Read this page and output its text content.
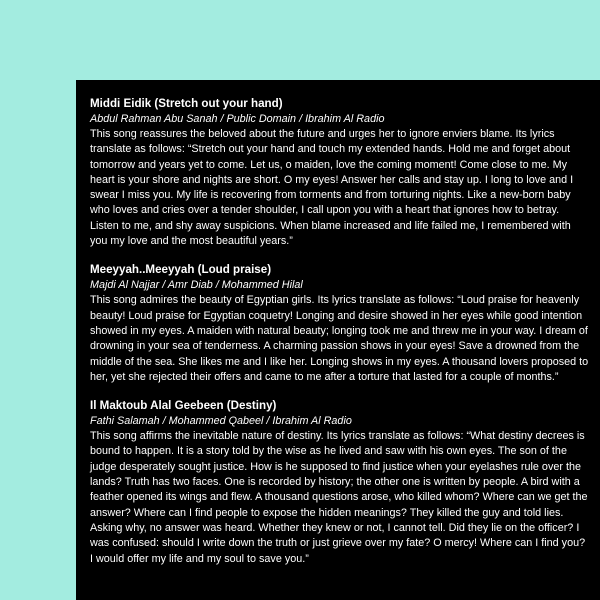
Middi Eidik (Stretch out your hand)

Abdul Rahman Abu Sanah / Public Domain / Ibrahim Al Radio

This song reassures the beloved about the future and urges her to ignore enviers blame. Its lyrics translate as follows: “Stretch out your hand and touch my extended hands. Hold me and forget about tomorrow and years yet to come. Let us, o maiden, love the coming moment! Come close to me. My heart is your shore and nights are short. O my eyes! Answer her calls and stay up. I long to love and I swear I miss you. My life is recovering from torments and from torturing nights. Like a new-born baby who loves and cries over a tender shoulder, I call upon you with a heart that ignores how to betray. Listen to me, and shy away suspicions. When blame increased and life failed me, I remembered with you my love and the most beautiful years.”

Meeyyah..Meeyyah (Loud praise)

Majdi Al Najjar / Amr Diab / Mohammed Hilal

This song admires the beauty of Egyptian girls. Its lyrics translate as follows: “Loud praise for heavenly beauty! Loud praise for Egyptian coquetry! Longing and desire showed in her eyes while good intention showed in my eyes. A maiden with natural beauty; longing took me and threw me in your way. I dream of drowning in your sea of tenderness. A charming passion shows in your eyes! Save a drowned from the middle of the sea. She likes me and I like her. Longing shows in my eyes. A thousand lovers proposed to her, yet she rejected their offers and came to me after a torture that lasted for a couple of months.”

Il Maktoub Alal Geebeen (Destiny)

Fathi Salamah / Mohammed Qabeel / Ibrahim Al Radio

This song affirms the inevitable nature of destiny. Its lyrics translate as follows: “What destiny decrees is bound to happen. It is a story told by the wise as he lived and saw with his own eyes. The son of the judge desperately sought justice. How is he supposed to find justice when your eyelashes rule over the lands? Truth has two faces. One is recorded by history; the other one is written by people. A bird with a feather opened its wings and flew. A thousand questions arose, who killed whom? Where can we get the answer? Where can I find people to expose the hidden meanings? They killed the guy and told lies. Asking why, no answer was heard. Whether they knew or not, I cannot tell. Did they lie on the officer? I was confused: should I write down the truth or just grieve over my fate? O mercy! Where can I find you? I would offer my life and my soul to save you.”
